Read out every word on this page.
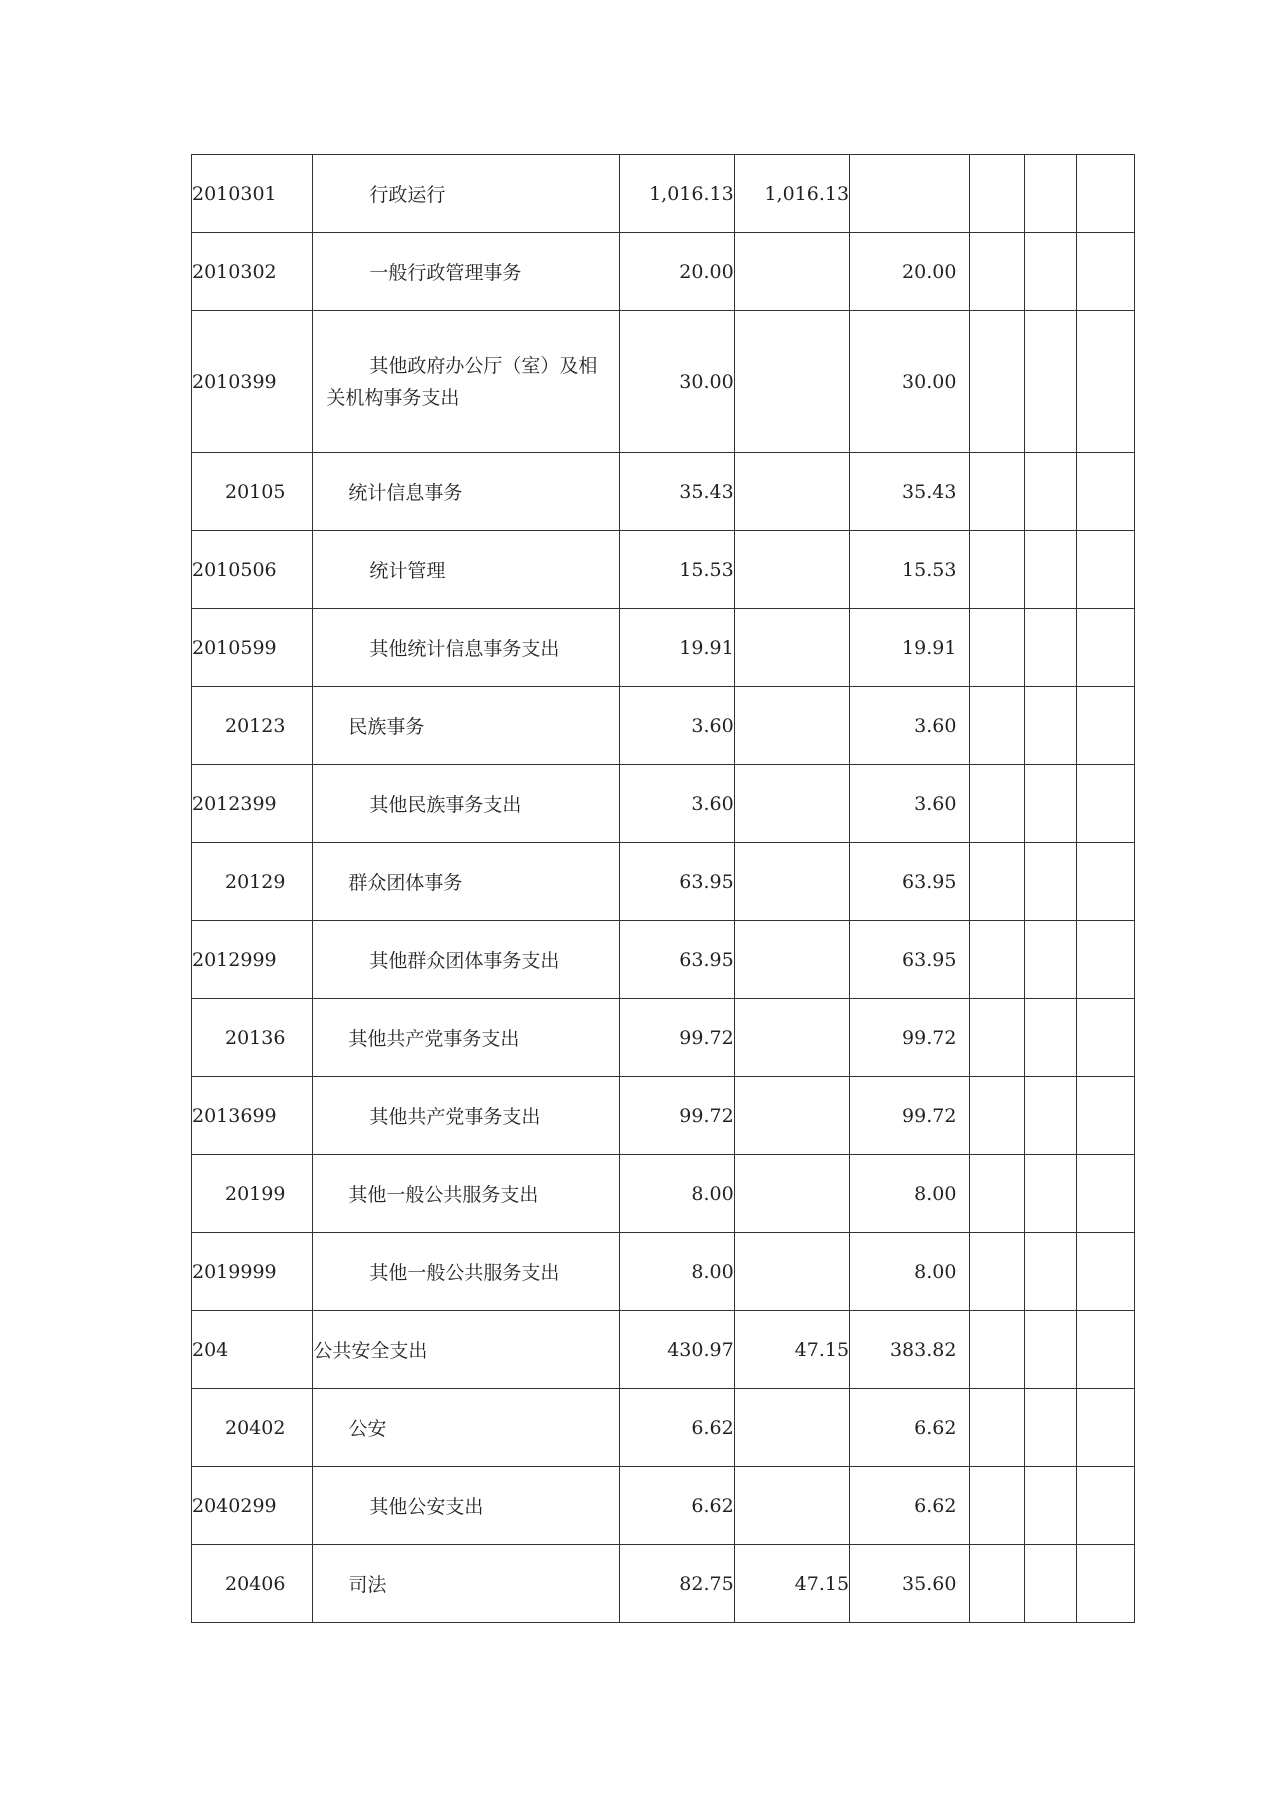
2010301	行政运行	1,016.13	1,016.13				
2010302	一般行政管理事务	20.00		20.00			
2010399	其他政府办公厅（室）及相关机构事务支出	30.00		30.00			
20105	统计信息事务	35.43		35.43			
2010506	统计管理	15.53		15.53			
2010599	其他统计信息事务支出	19.91		19.91			
20123	民族事务	3.60		3.60			
2012399	其他民族事务支出	3.60		3.60			
20129	群众团体事务	63.95		63.95			
2012999	其他群众团体事务支出	63.95		63.95			
20136	其他共产党事务支出	99.72		99.72			
2013699	其他共产党事务支出	99.72		99.72			
20199	其他一般公共服务支出	8.00		8.00			
2019999	其他一般公共服务支出	8.00		8.00			
204	公共安全支出	430.97	47.15	383.82			
20402	公安	6.62		6.62			
2040299	其他公安支出	6.62		6.62			
20406	司法	82.75	47.15	35.60			
